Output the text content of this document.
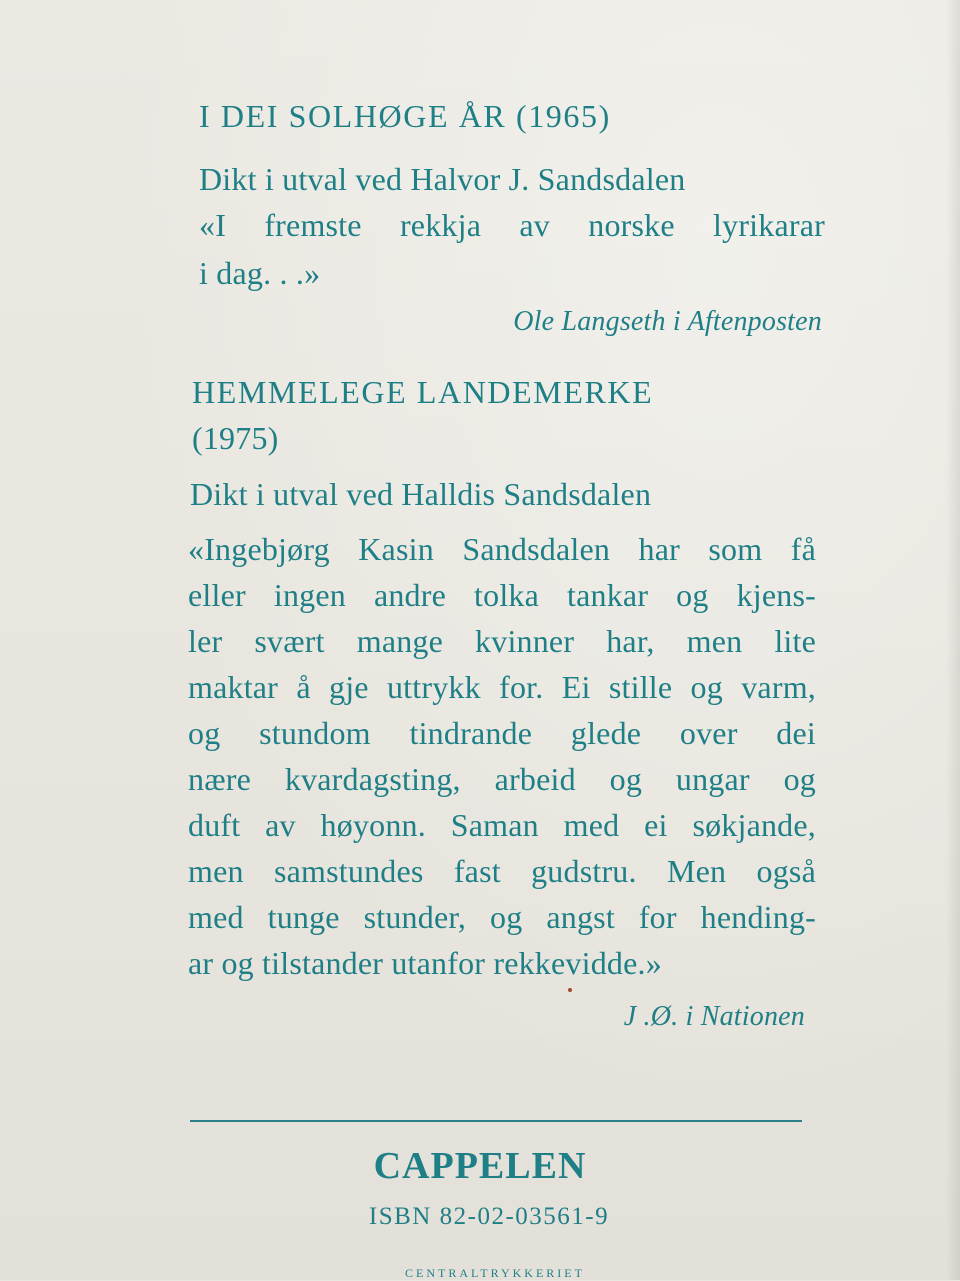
I DEI SOLHØGE ÅR (1965)
Dikt i utval ved Halvor J. Sandsdalen
«I fremste rekkja av norske lyrikarar
i dag. . .»
Ole Langseth i Aftenposten
HEMMELEGE LANDEMERKE
(1975)
Dikt i utval ved Halldis Sandsdalen
«Ingebjørg Kasin Sandsdalen har som få
eller ingen andre tolka tankar og kjens-
ler svært mange kvinner har, men lite
maktar å gje uttrykk for. Ei stille og varm,
og stundom tindrande glede over dei
nære kvardagsting, arbeid og ungar og
duft av høyonn. Saman med ei søkjande,
men samstundes fast gudstru. Men også
med tunge stunder, og angst for hending-
ar og tilstander utanfor rekkevidde.»
J .Ø. i Nationen
CAPPELEN
ISBN 82-02-03561-9
CENTRALTRYKKERIET
